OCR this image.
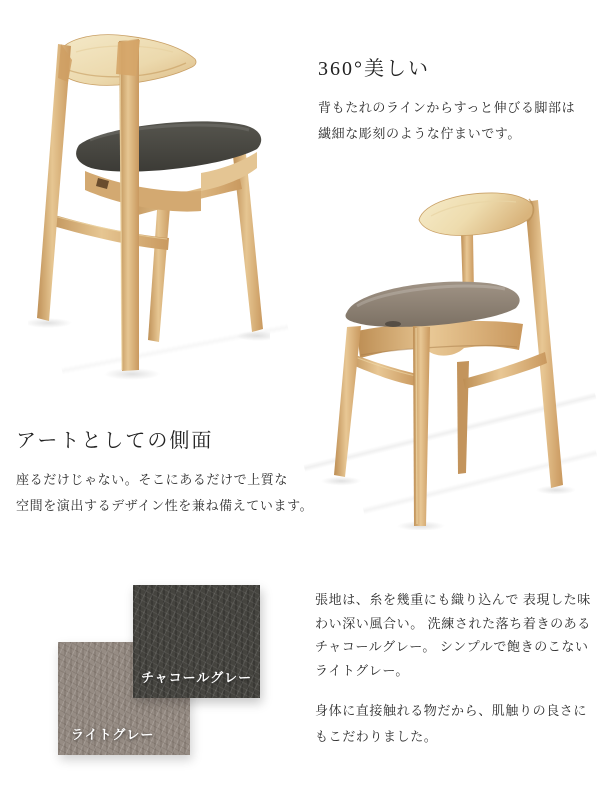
360°美しい

背もたれのラインからすっと伸びる脚部は
繊細な彫刻のような佇まいです。

アートとしての側面

座るだけじゃない。そこにあるだけで上質な
空間を演出するデザイン性を兼ね備えています。

ライトグレー
チャコールグレー

張地は、糸を幾重にも織り込んで 表現した味わい深い風合い。 洗練された落ち着きのあるチャコールグレー。 シンプルで飽きのこないライトグレー。

身体に直接触れる物だから、肌触りの良さに もこだわりました。
